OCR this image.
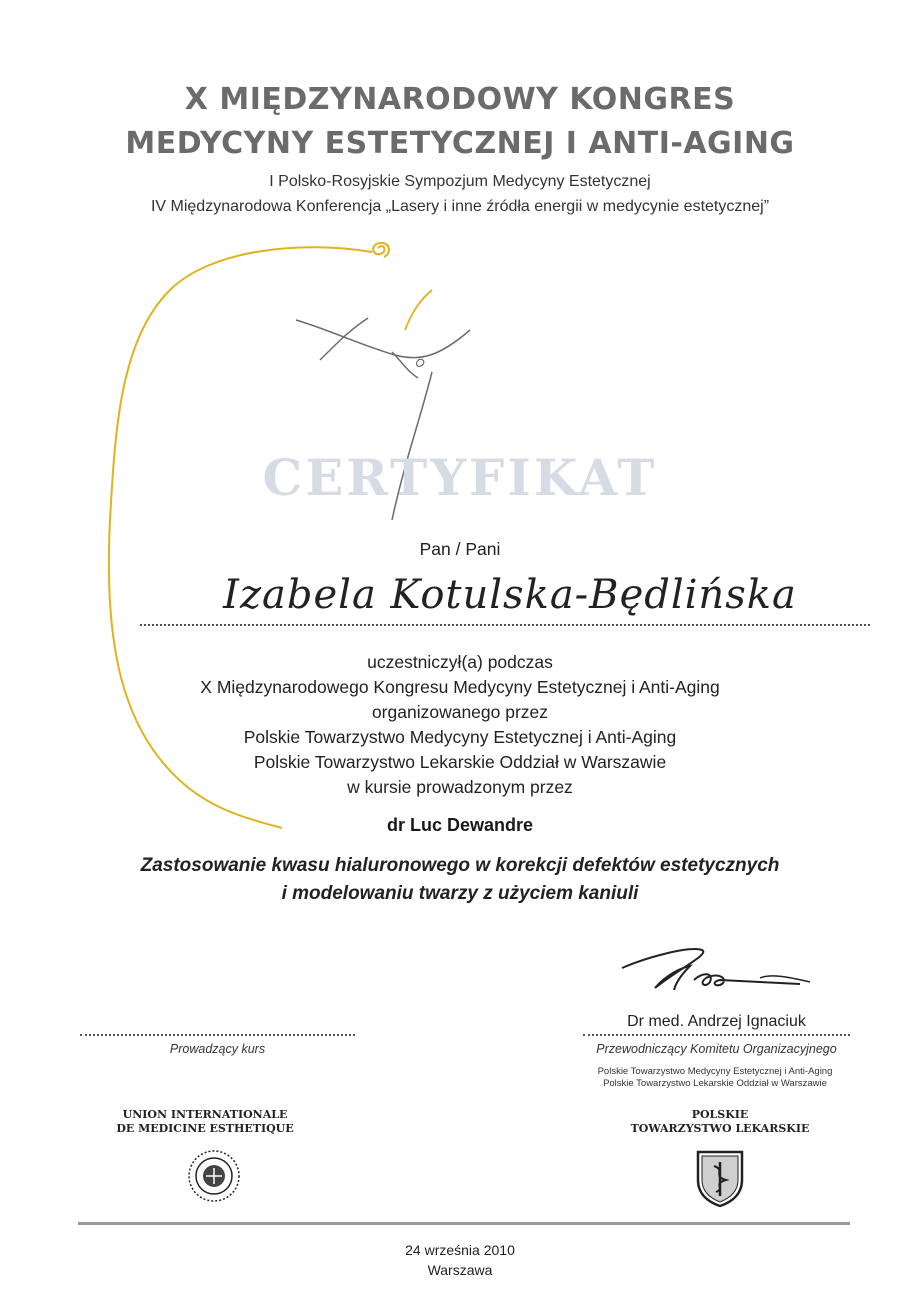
X MIĘDZYNARODOWY KONGRES
MEDYCYNY ESTETYCZNEJ I ANTI-AGING
I Polsko-Rosyjskie Sympozjum Medycyny Estetycznej
IV Międzynarodowa Konferencja „Lasery i inne źródła energii w medycynie estetycznej”
CERTYFIKAT
Pan / Pani
Izabela Kotulska-Będlińska
uczestniczył(a) podczas
X Międzynarodowego Kongresu Medycyny Estetycznej i Anti-Aging
organizowanego przez
Polskie Towarzystwo Medycyny Estetycznej i Anti-Aging
Polskie Towarzystwo Lekarskie Oddział w Warszawie
w kursie prowadzonym przez
dr Luc Dewandre
Zastosowanie kwasu hialuronowego w korekcji defektów estetycznych
i modelowaniu twarzy z użyciem kaniuli
Prowadzący kurs
Dr med. Andrzej Ignaciuk
Przewodniczący Komitetu Organizacyjnego
Polskie Towarzystwo Medycyny Estetycznej i Anti-Aging
Polskie Towarzystwo Lekarskie Oddział w Warszawie
UNION INTERNATIONALE
DE MEDICINE ESTHETIQUE
POLSKIE
TOWARZYSTWO LEKARSKIE
24 września 2010
Warszawa
